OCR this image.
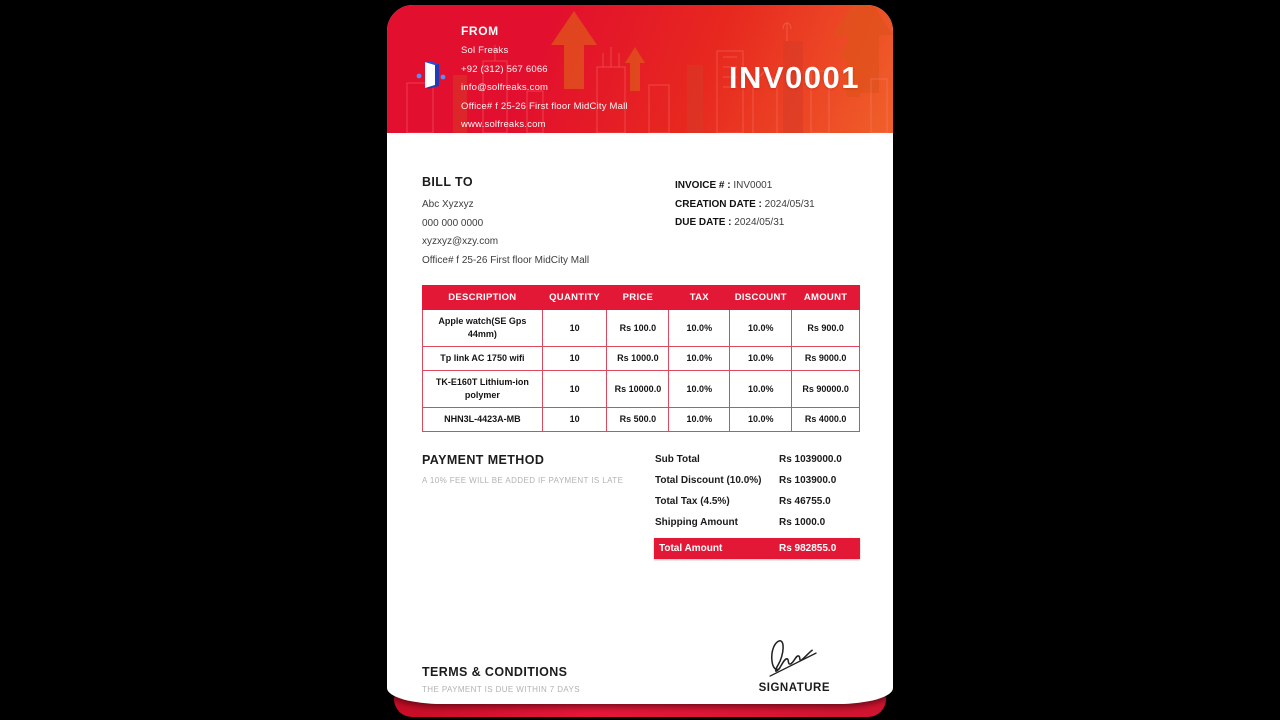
FROM
Sol Freaks
+92 (312) 567 6066
info@solfreaks.com
Office# f 25-26 First floor MidCity Mall
www.solfreaks.com
INV0001
BILL TO
Abc Xyzxyz
000 000 0000
xyzxyz@xzy.com
Office# f 25-26 First floor MidCity Mall
INVOICE # : INV0001
CREATION DATE : 2024/05/31
DUE DATE : 2024/05/31
DESCRIPTION	QUANTITY	PRICE	TAX	DISCOUNT	AMOUNT
Apple watch(SE Gps 44mm)	10	Rs 100.0	10.0%	10.0%	Rs 900.0
Tp link AC 1750 wifi	10	Rs 1000.0	10.0%	10.0%	Rs 9000.0
TK-E160T Lithium-ion polymer	10	Rs 10000.0	10.0%	10.0%	Rs 90000.0
NHN3L-4423A-MB	10	Rs 500.0	10.0%	10.0%	Rs 4000.0
PAYMENT METHOD
A 10% FEE WILL BE ADDED IF PAYMENT IS LATE
Sub Total	Rs 1039000.0
Total Discount (10.0%)	Rs 103900.0
Total Tax (4.5%)	Rs 46755.0
Shipping Amount	Rs 1000.0
Total Amount	Rs 982855.0
TERMS & CONDITIONS
THE PAYMENT IS DUE WITHIN 7 DAYS	SIGNATURE
